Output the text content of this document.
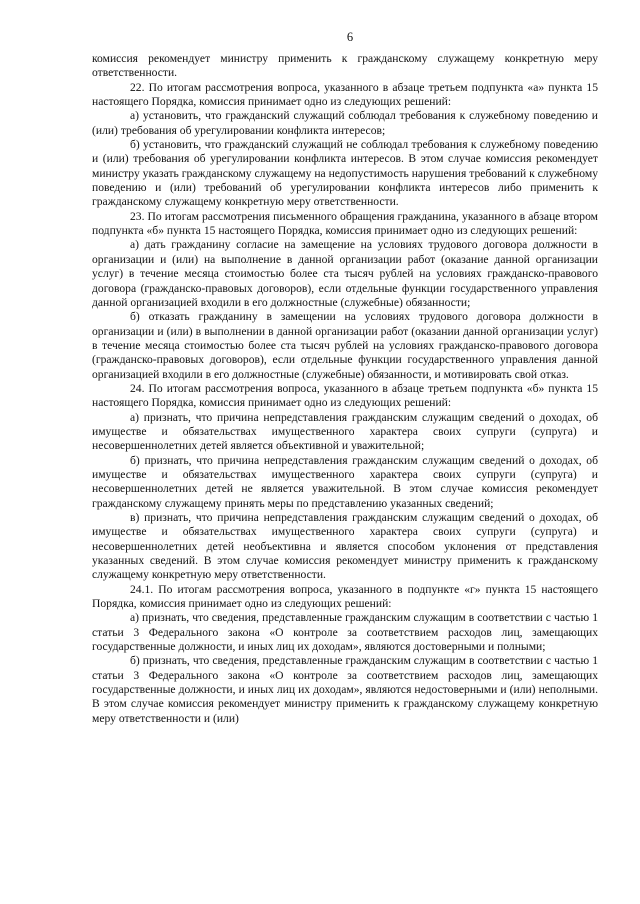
6

комиссия рекомендует министру применить к гражданскому служащему конкретную меру ответственности.

22. По итогам рассмотрения вопроса, указанного в абзаце третьем подпункта «а» пункта 15 настоящего Порядка, комиссия принимает одно из следующих решений:

а) установить, что гражданский служащий соблюдал требования к служебному поведению и (или) требования об урегулировании конфликта интересов;

б) установить, что гражданский служащий не соблюдал требования к служебному поведению и (или) требования об урегулировании конфликта интересов. В этом случае комиссия рекомендует министру указать гражданскому служащему на недопустимость нарушения требований к служебному поведению и (или) требований об урегулировании конфликта интересов либо применить к гражданскому служащему конкретную меру ответственности.

23. По итогам рассмотрения письменного обращения гражданина, указанного в абзаце втором подпункта «б» пункта 15 настоящего Порядка, комиссия принимает одно из следующих решений:

а) дать гражданину согласие на замещение на условиях трудового договора должности в организации и (или) на выполнение в данной организации работ (оказание данной организации услуг) в течение месяца стоимостью более ста тысяч рублей на условиях гражданско-правового договора (гражданско-правовых договоров), если отдельные функции государственного управления данной организацией входили в его должностные (служебные) обязанности;

б) отказать гражданину в замещении на условиях трудового договора должности в организации и (или) в выполнении в данной организации работ (оказании данной организации услуг) в течение месяца стоимостью более ста тысяч рублей на условиях гражданско-правового договора (гражданско-правовых договоров), если отдельные функции государственного управления данной организацией входили в его должностные (служебные) обязанности, и мотивировать свой отказ.

24. По итогам рассмотрения вопроса, указанного в абзаце третьем подпункта «б» пункта 15 настоящего Порядка, комиссия принимает одно из следующих решений:

а) признать, что причина непредставления гражданским служащим сведений о доходах, об имуществе и обязательствах имущественного характера своих супруги (супруга) и несовершеннолетних детей является объективной и уважительной;

б) признать, что причина непредставления гражданским служащим сведений о доходах, об имуществе и обязательствах имущественного характера своих супруги (супруга) и несовершеннолетних детей не является уважительной. В этом случае комиссия рекомендует гражданскому служащему принять меры по представлению указанных сведений;

в) признать, что причина непредставления гражданским служащим сведений о доходах, об имуществе и обязательствах имущественного характера своих супруги (супруга) и несовершеннолетних детей необъективна и является способом уклонения от представления указанных сведений. В этом случае комиссия рекомендует министру применить к гражданскому служащему конкретную меру ответственности.

24.1. По итогам рассмотрения вопроса, указанного в подпункте «г» пункта 15 настоящего Порядка, комиссия принимает одно из следующих решений:

а) признать, что сведения, представленные гражданским служащим в соответствии с частью 1 статьи 3 Федерального закона «О контроле за соответствием расходов лиц, замещающих государственные должности, и иных лиц их доходам», являются достоверными и полными;

б) признать, что сведения, представленные гражданским служащим в соответствии с частью 1 статьи 3 Федерального закона «О контроле за соответствием расходов лиц, замещающих государственные должности, и иных лиц их доходам», являются недостоверными и (или) неполными. В этом случае комиссия рекомендует министру применить к гражданскому служащему конкретную меру ответственности и (или)
